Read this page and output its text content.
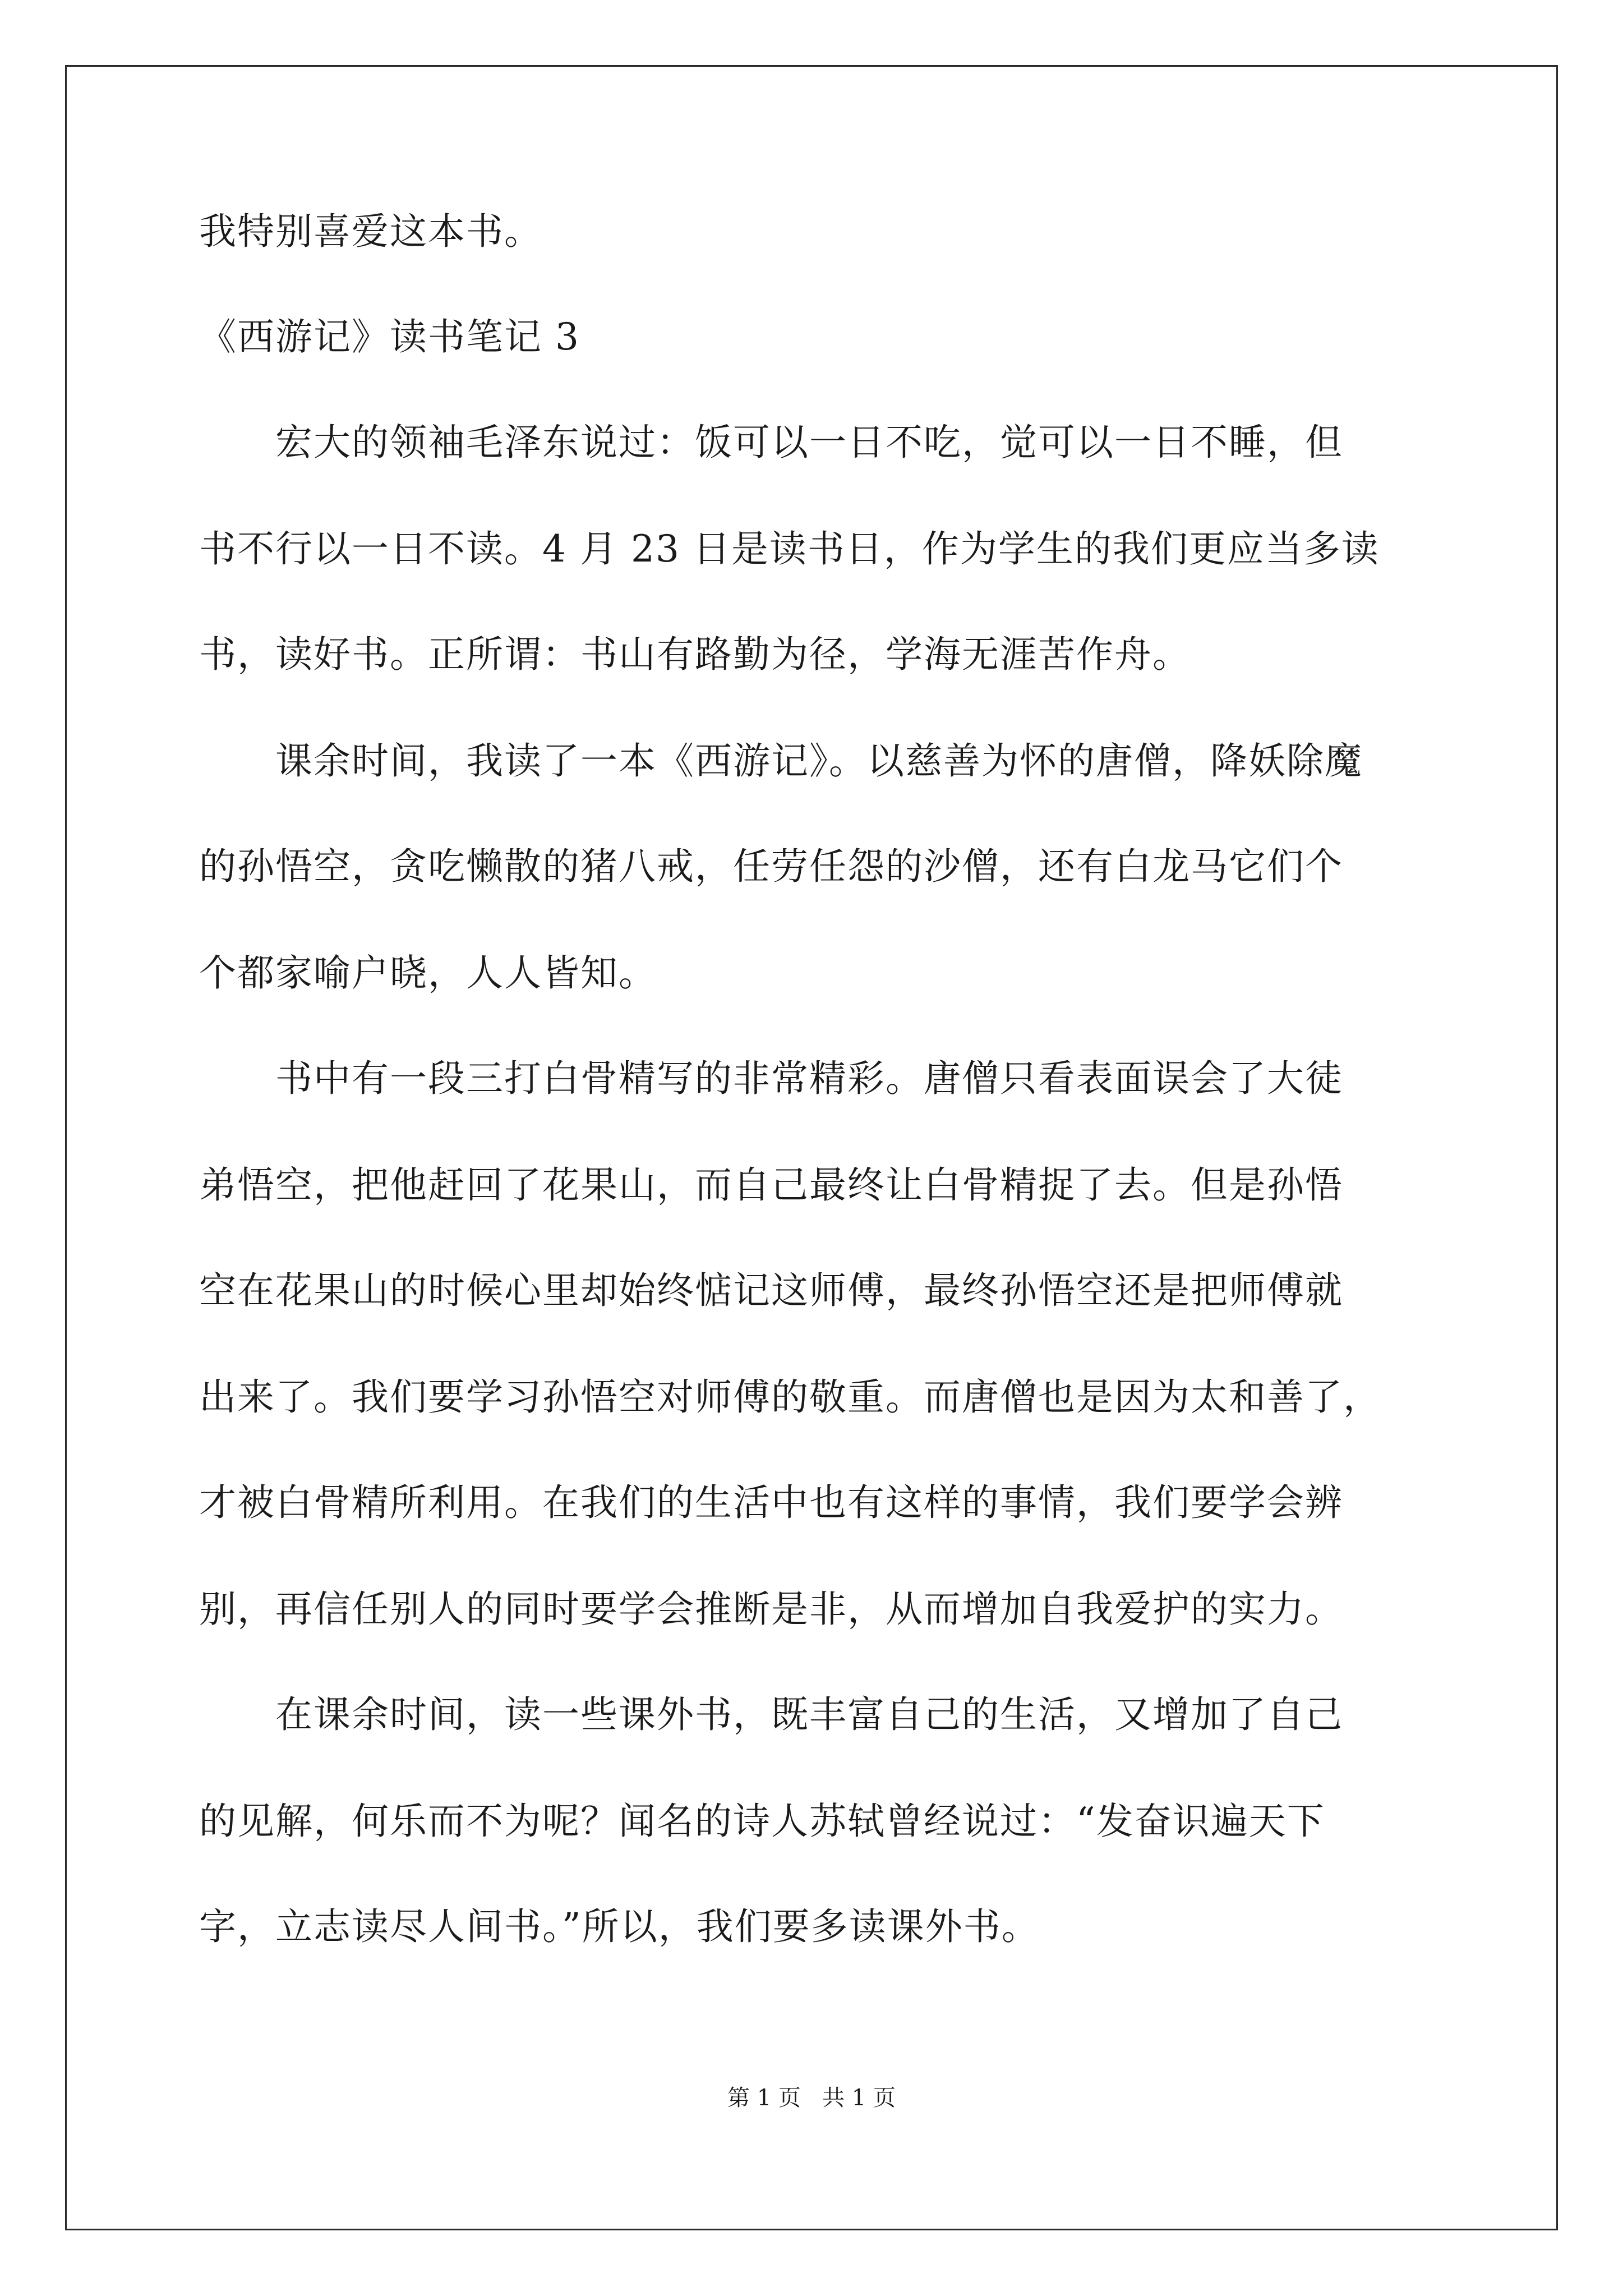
我特别喜爱这本书。
《西游记》读书笔记 3
　　宏大的领袖毛泽东说过：饭可以一日不吃，觉可以一日不睡，但
书不行以一日不读。4 月 23 日是读书日，作为学生的我们更应当多读
书，读好书。正所谓：书山有路勤为径，学海无涯苦作舟。
　　课余时间，我读了一本《西游记》。以慈善为怀的唐僧，降妖除魔
的孙悟空，贪吃懒散的猪八戒，任劳任怨的沙僧，还有白龙马它们个
个都家喻户晓，人人皆知。
　　书中有一段三打白骨精写的非常精彩。唐僧只看表面误会了大徒
弟悟空，把他赶回了花果山，而自己最终让白骨精捉了去。但是孙悟
空在花果山的时候心里却始终惦记这师傅，最终孙悟空还是把师傅就
出来了。我们要学习孙悟空对师傅的敬重。而唐僧也是因为太和善了，
才被白骨精所利用。在我们的生活中也有这样的事情，我们要学会辨
别，再信任别人的同时要学会推断是非，从而增加自我爱护的实力。
　　在课余时间，读一些课外书，既丰富自己的生活，又增加了自己
的见解，何乐而不为呢？闻名的诗人苏轼曾经说过：“发奋识遍天下
字，立志读尽人间书。”所以，我们要多读课外书。
第 1 页   共 1 页
